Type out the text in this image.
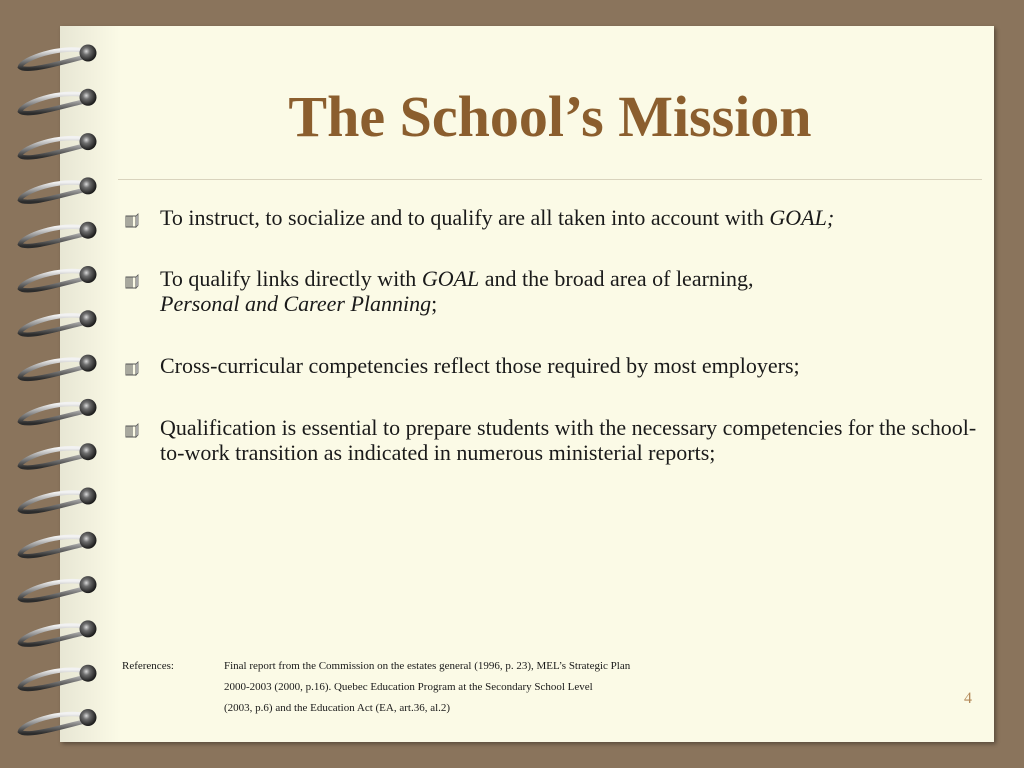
The School’s Mission
To instruct, to socialize and to qualify are all taken into account with GOAL;
To qualify links directly with GOAL and the broad area of learning,
Personal and Career Planning;
Cross-curricular competencies reflect those required by most employers;
Qualification is essential to prepare students with the necessary competencies for the school-to-work transition as indicated in numerous ministerial reports;
References:	Final report from the Commission on the estates general (1996, p. 23), MEL’s Strategic Plan
2000-2003 (2000, p.16). Quebec Education Program at the Secondary School Level
(2003, p.6) and the Education Act (EA, art.36, al.2)
4
